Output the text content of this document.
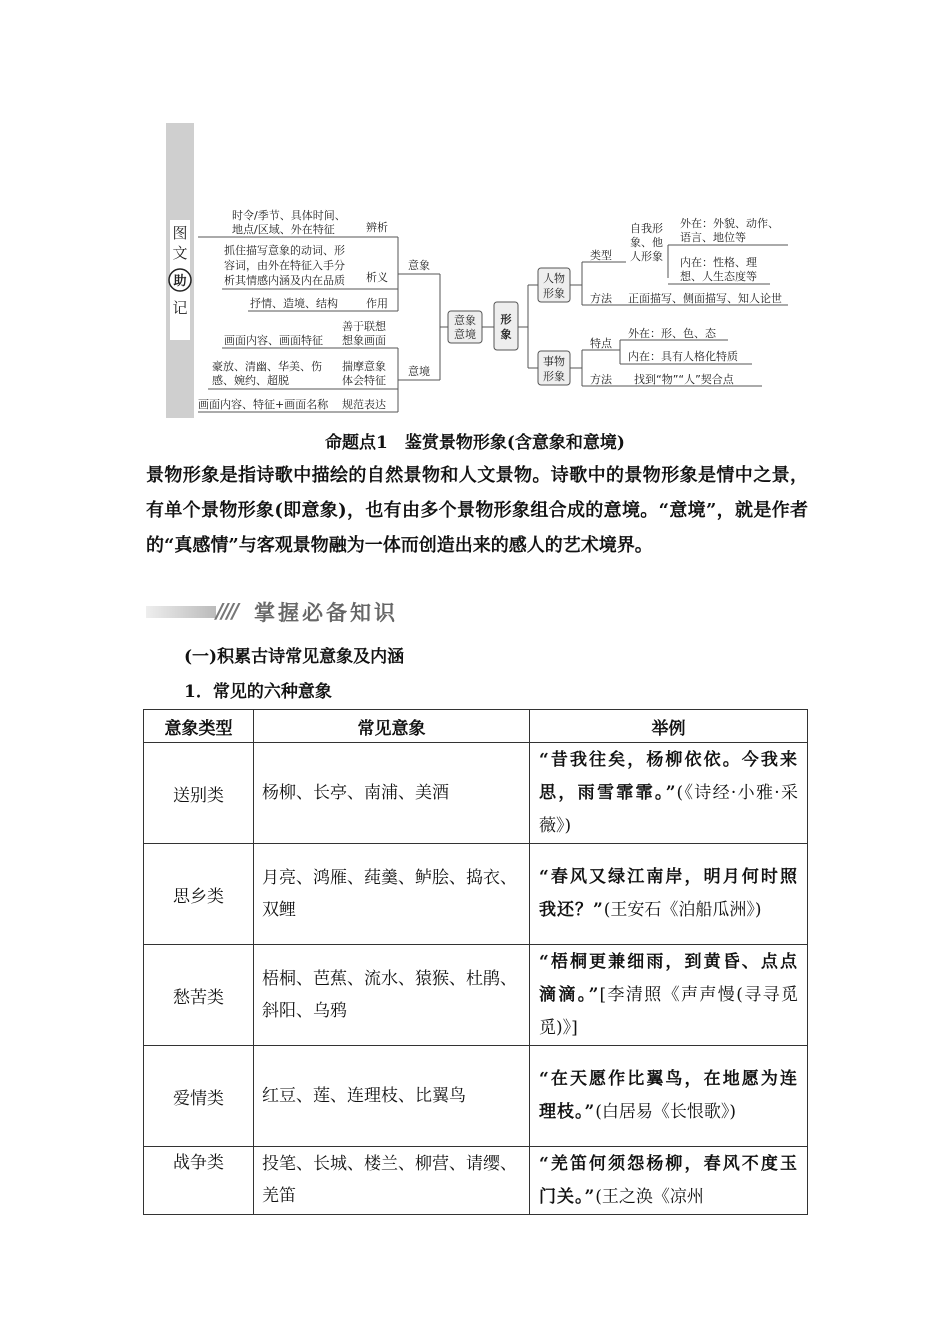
图
文
助
记
时令/季节、具体时间、
地点/区域、外在特征	辨析
抓住描写意象的动词、形
容词，由外在特征入手分
析其情感内涵及内在品质 析义
抒情、造境、结构	作用
意象
画面内容、画面特征
善于联想
想象画面
豪放、清幽、华美、伤
感、婉约、超脱
揣摩意象
体会特征
画面内容、特征+画面名称 规范表达
意境
意象
意境
形
象
人物
形象
类型
自我形
象、他
人形象
外在：外貌、动作、
语言、地位等
内在：性格、理
想、人生态度等
方法 正面描写、侧面描写、知人论世
事物
形象
特点
外在：形、色、态
内在：具有人格化特质
方法 找到“物”“人”契合点
命题点1　鉴赏景物形象(含意象和意境)
景物形象是指诗歌中描绘的自然景物和人文景物。诗歌中的景物形象是情中之景，有单个景物形象(即意象)，也有由多个景物形象组合成的意境。“意境”，就是作者的“真感情”与客观景物融为一体而创造出来的感人的艺术境界。
//// 掌握必备知识
(一)积累古诗常见意象及内涵
1．常见的六种意象
意象类型	常见意象	举例
送别类	杨柳、长亭、南浦、美酒	“昔我往矣，杨柳依依。今我来思，雨雪霏霏。”(《诗经·小雅·采薇》)
思乡类	月亮、鸿雁、莼羹、鲈脍、捣衣、双鲤	“春风又绿江南岸，明月何时照我还？”(王安石《泊船瓜洲》)
愁苦类	梧桐、芭蕉、流水、猿猴、杜鹃、斜阳、乌鸦	“梧桐更兼细雨，到黄昏、点点滴滴。”[李清照《声声慢(寻寻觅觅)》]
爱情类	红豆、莲、连理枝、比翼鸟	“在天愿作比翼鸟，在地愿为连理枝。”(白居易《长恨歌》)
战争类	投笔、长城、楼兰、柳营、请缨、羌笛	“羌笛何须怨杨柳，春风不度玉门关。”(王之涣《凉州
